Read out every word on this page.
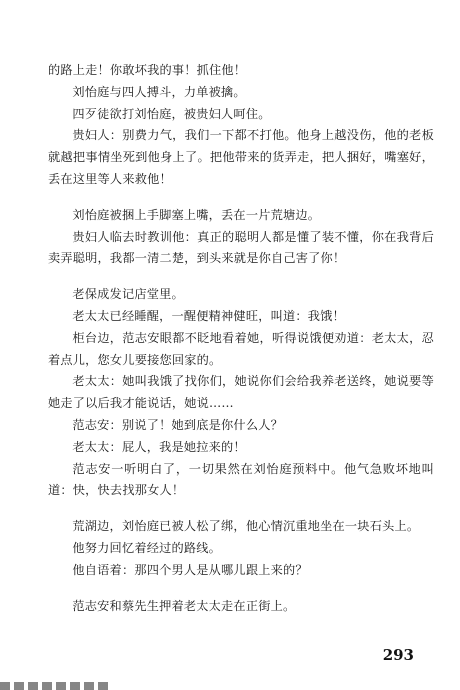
的路上走！你敢坏我的事！抓住他！

刘怡庭与四人搏斗，力单被擒。

四歹徒欲打刘怡庭，被贵妇人呵住。

贵妇人：别费力气，我们一下都不打他。他身上越没伤，他的老板就越把事情坐死到他身上了。把他带来的货弄走，把人捆好，嘴塞好，丢在这里等人来救他！

刘怡庭被捆上手脚塞上嘴，丢在一片荒塘边。

贵妇人临去时教训他：真正的聪明人都是懂了装不懂，你在我背后卖弄聪明，我都一清二楚，到头来就是你自己害了你！

老保成发记店堂里。

老太太已经睡醒，一醒便精神健旺，叫道：我饿！

柜台边，范志安眼都不眨地看着她，听得说饿便劝道：老太太，忍着点儿，您女儿要接您回家的。

老太太：她叫我饿了找你们，她说你们会给我养老送终，她说要等她走了以后我才能说话，她说……

范志安：别说了！她到底是你什么人？

老太太：屁人，我是她拉来的！

范志安一听明白了，一切果然在刘怡庭预料中。他气急败坏地叫道：快，快去找那女人！

荒湖边，刘怡庭已被人松了绑，他心情沉重地坐在一块石头上。

他努力回忆着经过的路线。

他自语着：那四个男人是从哪儿跟上来的？

范志安和蔡先生押着老太太走在正街上。

293
